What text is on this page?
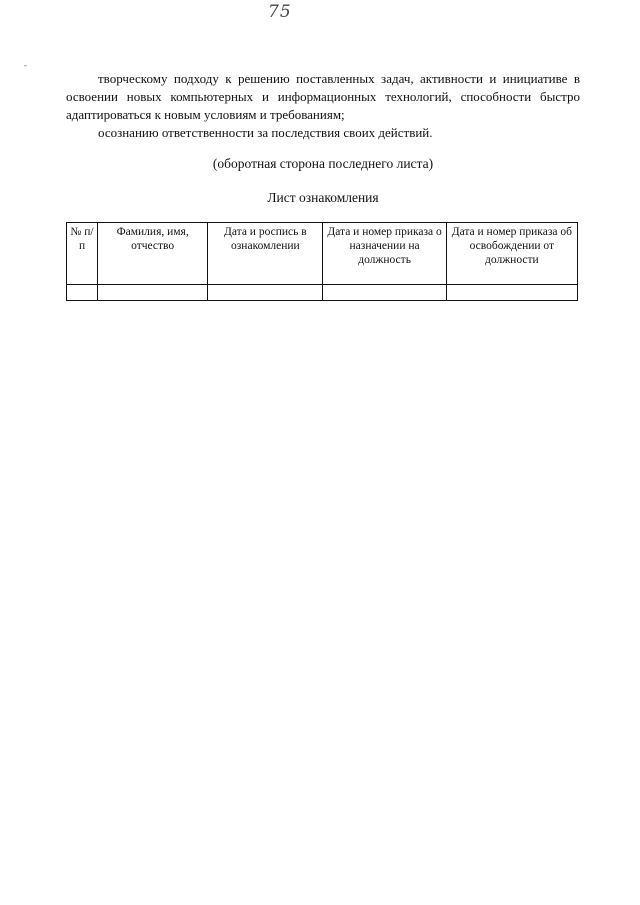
75
-

творческому подходу к решению поставленных задач, активности и инициативе в освоении новых компьютерных и информационных технологий, способности быстро адаптироваться к новым условиям и требованиям;

осознанию ответственности за последствия своих действий.

(оборотная сторона последнего листа)
Лист ознакомления
№ п/п	Фамилия, имя, отчество	Дата и роспись в ознакомлении	Дата и номер приказа о назначении на должность	Дата и номер приказа об освобождении от должности
